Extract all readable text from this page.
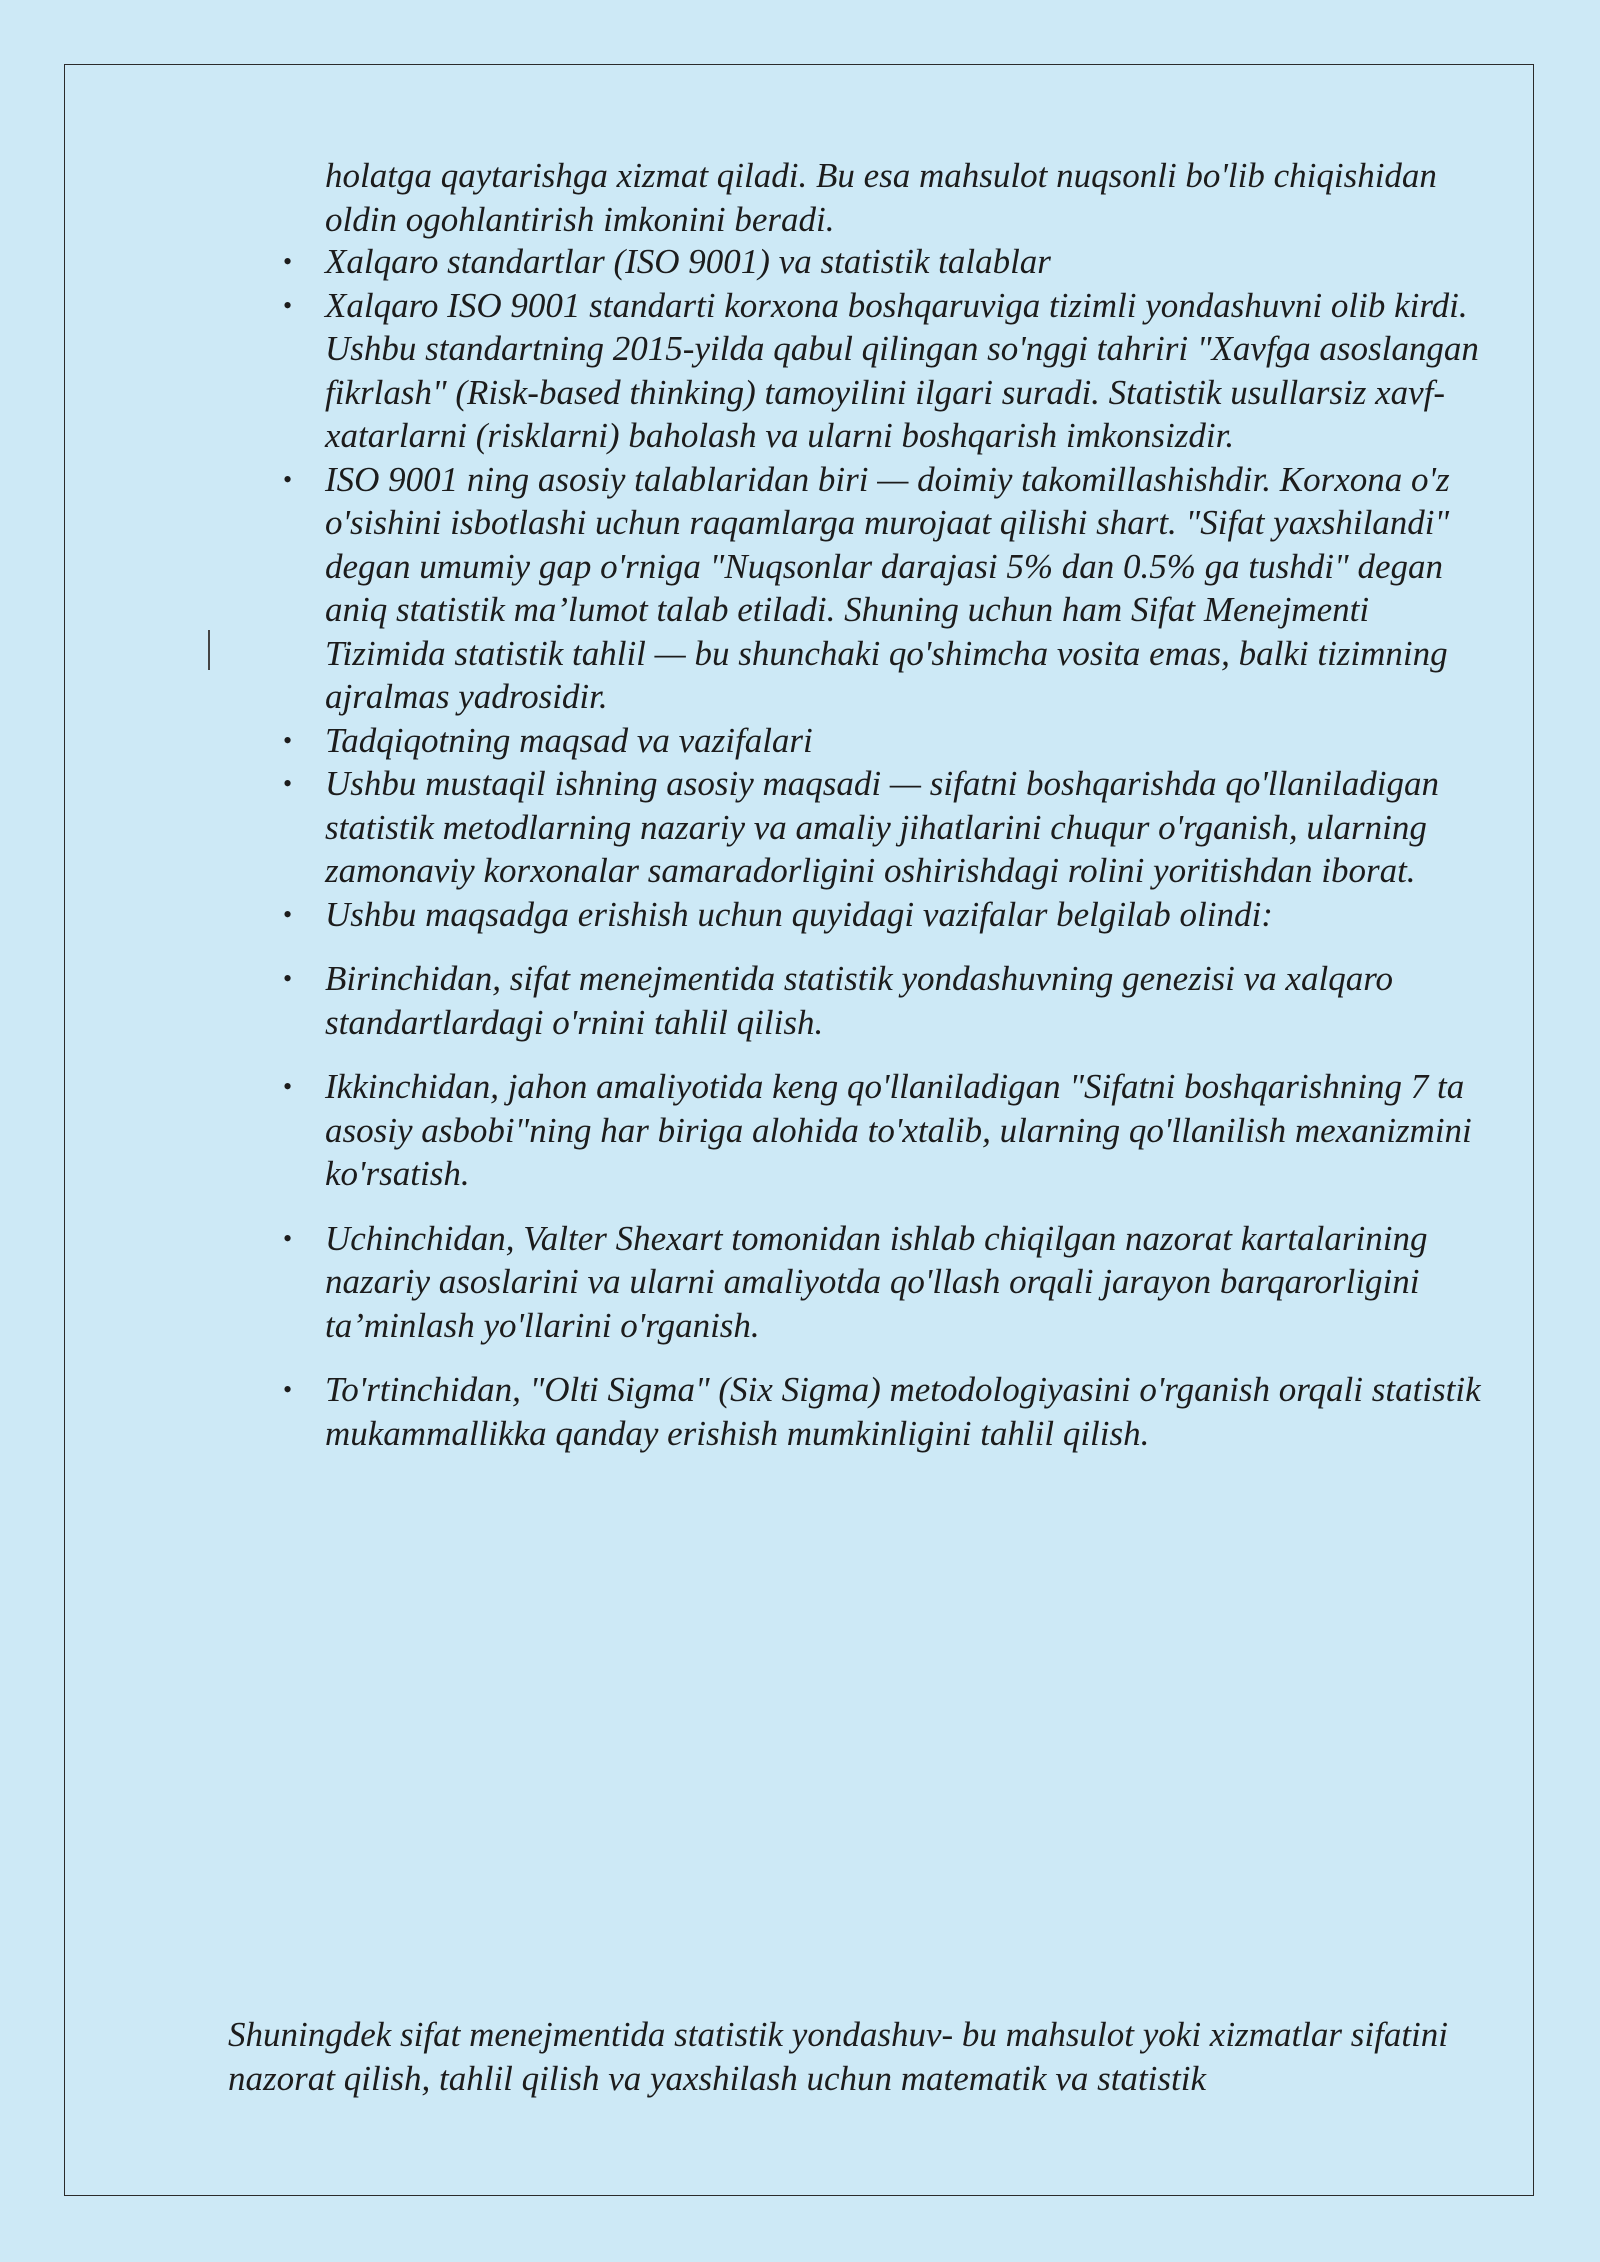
holatga qaytarishga xizmat qiladi. Bu esa mahsulot nuqsonli bo'lib chiqishidan oldin ogohlantirish imkonini beradi.

• Xalqaro standartlar (ISO 9001) va statistik talablar
• Xalqaro ISO 9001 standarti korxona boshqaruviga tizimli yondashuvni olib kirdi. Ushbu standartning 2015-yilda qabul qilingan so'nggi tahriri "Xavfga asoslangan fikrlash" (Risk-based thinking) tamoyilini ilgari suradi. Statistik usullarsiz xavf-xatarlarni (risklarni) baholash va ularni boshqarish imkonsizdir.
• ISO 9001 ning asosiy talablaridan biri — doimiy takomillashishdir. Korxona o'z o'sishini isbotlashi uchun raqamlarga murojaat qilishi shart. "Sifat yaxshilandi" degan umumiy gap o'rniga "Nuqsonlar darajasi 5% dan 0.5% ga tushdi" degan aniq statistik ma’lumot talab etiladi. Shuning uchun ham Sifat Menejmenti Tizimida statistik tahlil — bu shunchaki qo'shimcha vosita emas, balki tizimning ajralmas yadrosidir.
• Tadqiqotning maqsad va vazifalari
• Ushbu mustaqil ishning asosiy maqsadi — sifatni boshqarishda qo'llaniladigan statistik metodlarning nazariy va amaliy jihatlarini chuqur o'rganish, ularning zamonaviy korxonalar samaradorligini oshirishdagi rolini yoritishdan iborat.
• Ushbu maqsadga erishish uchun quyidagi vazifalar belgilab olindi:
• Birinchidan, sifat menejmentida statistik yondashuvning genezisi va xalqaro standartlardagi o'rnini tahlil qilish.
• Ikkinchidan, jahon amaliyotida keng qo'llaniladigan "Sifatni boshqarishning 7 ta asosiy asbobi"ning har biriga alohida to'xtalib, ularning qo'llanilish mexanizmini ko'rsatish.
• Uchinchidan, Valter Shexart tomonidan ishlab chiqilgan nazorat kartalarining nazariy asoslarini va ularni amaliyotda qo'llash orqali jarayon barqarorligini ta’minlash yo'llarini o'rganish.
• To'rtinchidan, "Olti Sigma" (Six Sigma) metodologiyasini o'rganish orqali statistik mukammallikka qanday erishish mumkinligini tahlil qilish.

Shuningdek sifat menejmentida statistik yondashuv- bu mahsulot yoki xizmatlar sifatini nazorat qilish, tahlil qilish va yaxshilash uchun matematik va statistik
